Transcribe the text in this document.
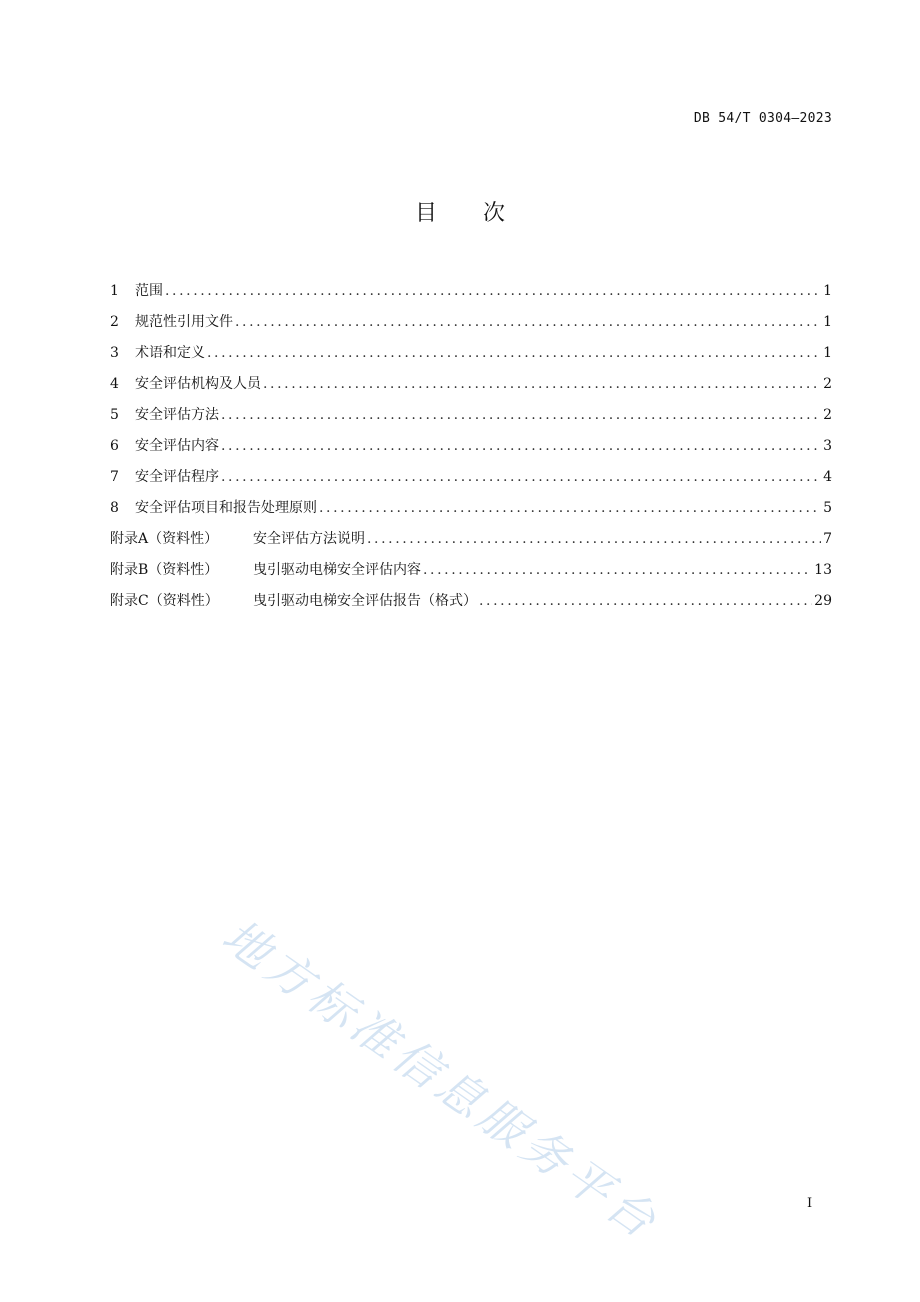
DB 54/T 0304—2023
目 次
1	范围 .....	1
2	规范性引用文件 .....	1
3	术语和定义 .....	1
4	安全评估机构及人员 .....	2
5	安全评估方法 .....	2
6	安全评估内容 .....	3
7	安全评估程序 .....	4
8	安全评估项目和报告处理原则 .....	5
附录A（资料性）	安全评估方法说明 .....	7
附录B（资料性）	曳引驱动电梯安全评估内容 .....	13
附录C（资料性）	曳引驱动电梯安全评估报告（格式） .....	29
地方标准信息服务平台	I
